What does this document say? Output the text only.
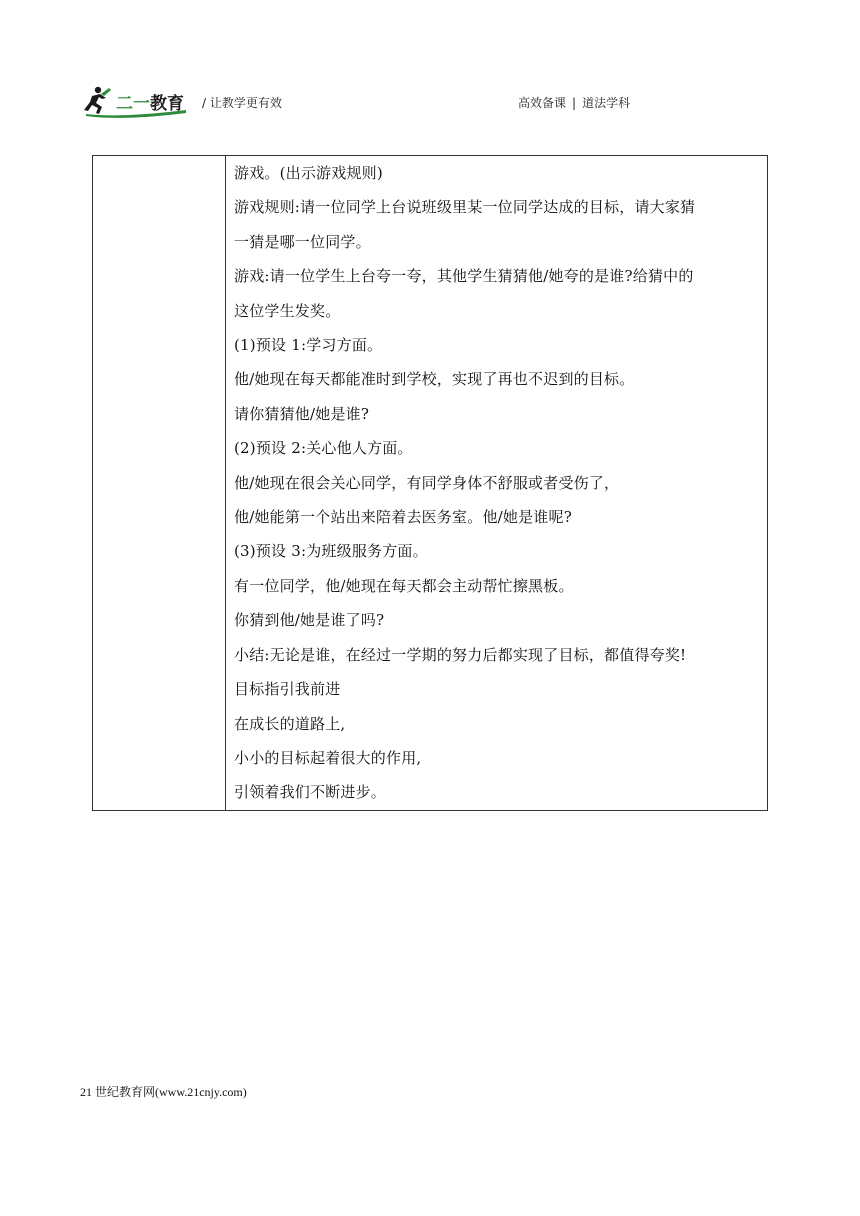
二一 教育 / 让教学更有效	高效备课 | 道法学科

游戏。(出示游戏规则)
游戏规则:请一位同学上台说班级里某一位同学达成的目标，请大家猜
一猜是哪一位同学。
游戏:请一位学生上台夸一夸，其他学生猜猜他/她夸的是谁?给猜中的
这位学生发奖。
(1)预设 1:学习方面。
他/她现在每天都能准时到学校，实现了再也不迟到的目标。
请你猜猜他/她是谁?
(2)预设 2:关心他人方面。
他/她现在很会关心同学，有同学身体不舒服或者受伤了，
他/她能第一个站出来陪着去医务室。他/她是谁呢?
(3)预设 3:为班级服务方面。
有一位同学，他/她现在每天都会主动帮忙擦黑板。
你猜到他/她是谁了吗?
小结:无论是谁，在经过一学期的努力后都实现了目标，都值得夸奖!
目标指引我前进
在成长的道路上,
小小的目标起着很大的作用,
引领着我们不断进步。
21 世纪教育网(www.21cnjy.com)
